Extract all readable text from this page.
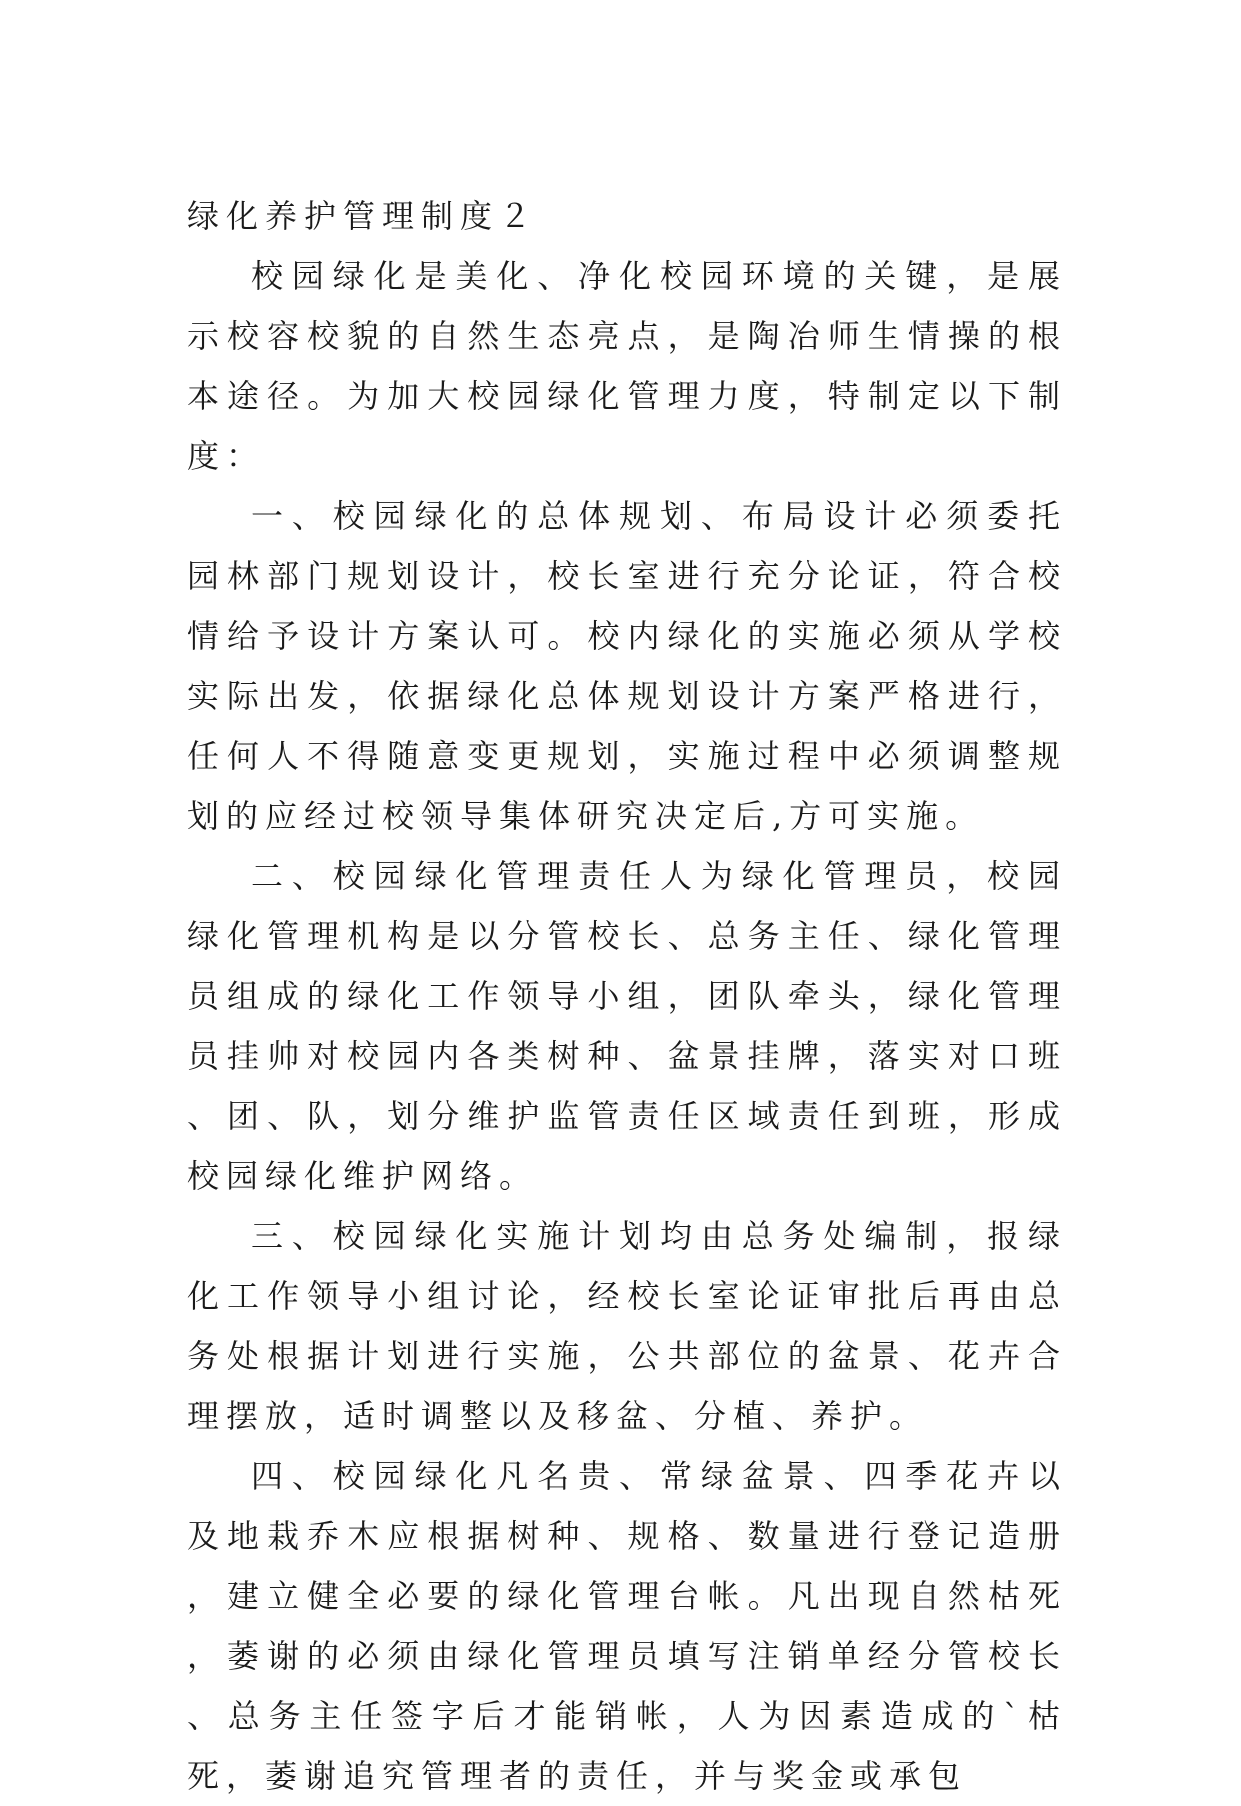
绿化养护管理制度２

校园绿化是美化、净化校园环境的关键，是展示校容校貌的自然生态亮点，是陶冶师生情操的根本途径。为加大校园绿化管理力度，特制定以下制度：

一、校园绿化的总体规划、布局设计必须委托园林部门规划设计，校长室进行充分论证，符合校情给予设计方案认可。校内绿化的实施必须从学校实际出发，依据绿化总体规划设计方案严格进行，任何人不得随意变更规划，实施过程中必须调整规划的应经过校领导集体研究决定后,方可实施。

二、校园绿化管理责任人为绿化管理员，校园绿化管理机构是以分管校长、总务主任、绿化管理员组成的绿化工作领导小组，团队牵头，绿化管理员挂帅对校园内各类树种、盆景挂牌，落实对口班、团、队，划分维护监管责任区域责任到班，形成校园绿化维护网络。

三、校园绿化实施计划均由总务处编制，报绿化工作领导小组讨论，经校长室论证审批后再由总务处根据计划进行实施，公共部位的盆景、花卉合理摆放，适时调整以及移盆、分植、养护。

四、校园绿化凡名贵、常绿盆景、四季花卉以及地栽乔木应根据树种、规格、数量进行登记造册，建立健全必要的绿化管理台帐。凡出现自然枯死，萎谢的必须由绿化管理员填写注销单经分管校长、总务主任签字后才能销帐，人为因素造成的`枯死，萎谢追究管理者的责任，并与奖金或承包
